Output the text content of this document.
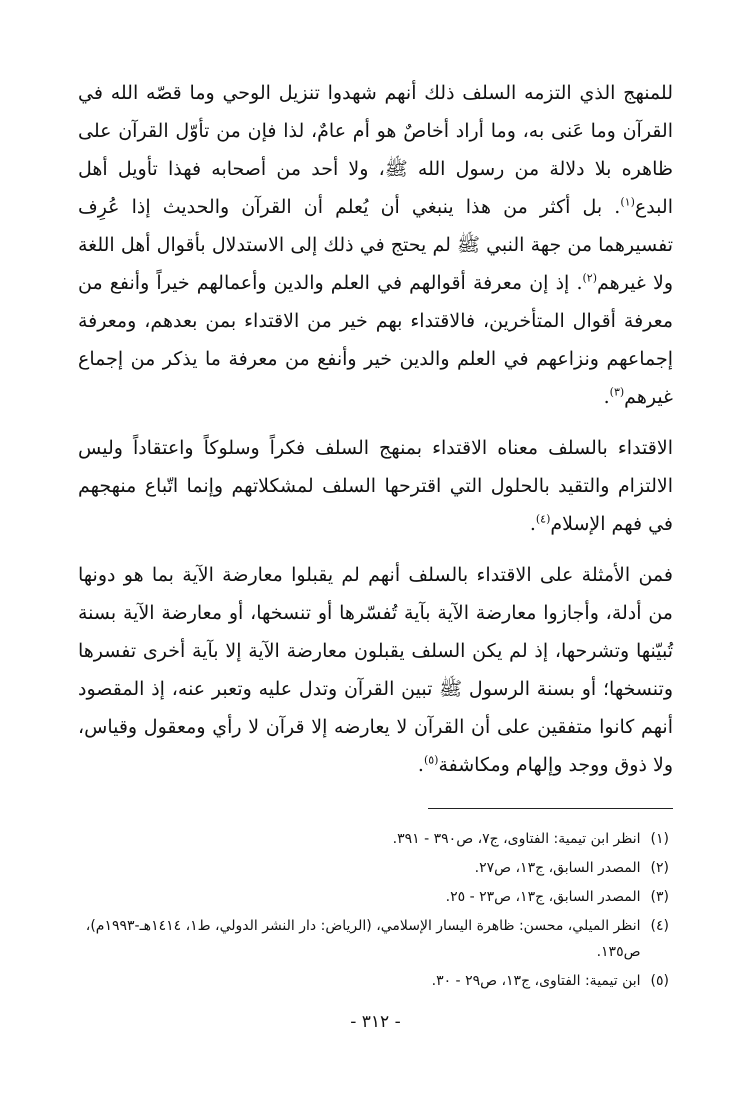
للمنهج الذي التزمه السلف ذلك أنهم شهدوا تنزيل الوحي وما قصّه الله في القرآن وما عَنى به، وما أراد أخاصٌ هو أم عامٌ، لذا فإن من تأوّل القرآن على ظاهره بلا دلالة من رسول الله ﷺ، ولا أحد من أصحابه فهذا تأويل أهل البدع$^{(١)}$. بل أكثر من هذا ينبغي أن يُعلم أن القرآن والحديث إذا عُرِف تفسيرهما من جهة النبي ﷺ لم يحتج في ذلك إلى الاستدلال بأقوال أهل اللغة ولا غيرهم$^{(٢)}$. إذ إن معرفة أقوالهم في العلم والدين وأعمالهم خيراً وأنفع من معرفة أقوال المتأخرين، فالاقتداء بهم خير من الاقتداء بمن بعدهم، ومعرفة إجماعهم ونزاعهم في العلم والدين خير وأنفع من معرفة ما يذكر من إجماع غيرهم$^{(٣)}$.

الاقتداء بالسلف معناه الاقتداء بمنهج السلف فكراً وسلوكاً واعتقاداً وليس الالتزام والتقيد بالحلول التي اقترحها السلف لمشكلاتهم وإنما اتّباع منهجهم في فهم الإسلام$^{(٤)}$.

فمن الأمثلة على الاقتداء بالسلف أنهم لم يقبلوا معارضة الآية بما هو دونها من أدلة، وأجازوا معارضة الآية بآية تُفسّرها أو تنسخها، أو معارضة الآية بسنة تُبيّنها وتشرحها، إذ لم يكن السلف يقبلون معارضة الآية إلا بآية أخرى تفسرها وتنسخها؛ أو بسنة الرسول ﷺ تبين القرآن وتدل عليه وتعبر عنه، إذ المقصود أنهم كانوا متفقين على أن القرآن لا يعارضه إلا قرآن لا رأي ومعقول وقياس، ولا ذوق ووجد وإلهام ومكاشفة$^{(٥)}$.

(١)
انظر ابن تيمية: الفتاوى، ج٧، ص٣٩٠ - ٣٩١.
(٢)
المصدر السابق، ج١٣، ص٢٧.
(٣)
المصدر السابق، ج١٣، ص٢٣ - ٢٥.
(٤)
انظر الميلي، محسن: ظاهرة اليسار الإسلامي، (الرياض: دار النشر الدولي، ط١، ١٤١٤هـ-١٩٩٣م)، ص١٣٥.
(٥)
ابن تيمية: الفتاوى، ج١٣، ص٢٩ - ٣٠.
- ٣١٢ -
